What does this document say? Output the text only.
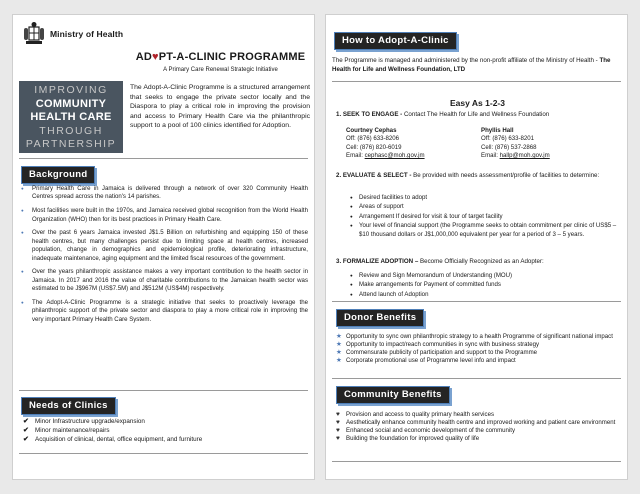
Ministry of Health
AD♥PT-A-CLINIC PROGRAMME
A Primary Care Renewal Strategic Initiative
IMPROVING
COMMUNITY
HEALTH CARE
THROUGH
PARTNERSHIP

The Adopt-A-Clinic Programme is a structured arrangement that seeks to engage the private sector locally and the Diaspora to play a critical role in improving the provision and access to Primary Health Care via the philanthropic support to a pool of 100 clinics identified for Adoption.

Background
● Primary Health Care in Jamaica is delivered through a network of over 320 Community Health Centres spread across the nation's 14 parishes.
● Most facilities were built in the 1970s, and Jamaica received global recognition from the World Health Organization (WHO) then for its best practices in Primary Health Care.
● Over the past 6 years Jamaica invested J$1.5 Billion on refurbishing and equipping 150 of these health centres, but many challenges persist due to limiting space at health centres, increased population, change in demographics and epidemiological profile, deteriorating infrastructure, inadequate maintenance, aging equipment and the limited fiscal resources of the government.
● Over the years philanthropic assistance makes a very important contribution to the health sector in Jamaica. In 2017 and 2016 the value of charitable contributions to the Jamaican health sector was estimated to be J$967M (US$7.5M) and J$512M (US$4M) respectively.
● The Adopt-A-Clinic Programme is a strategic initiative that seeks to proactively leverage the philanthropic support of the private sector and diaspora to play a more critical role in improving the very important Primary Health Care System.
Needs of Clinics
✔ Minor Infrastructure upgrade/expansion
✔ Minor maintenance/repairs
✔ Acquisition of clinical, dental, office equipment, and furniture
How to Adopt-A-Clinic

The Programme is managed and administered by the non-profit affiliate of the Ministry of Health - The Health for Life and Wellness Foundation, LTD

Easy As 1-2-3
1. SEEK TO ENGAGE - Contact The Health for Life and Wellness Foundation
Courtney Cephas
Off: (876) 633-8206
Cell: (876) 820-6019
Email: cephasc@moh.gov.jm
Phyllis Hall
Off: (876) 633-8201
Cell: (876) 537-2868
Email: hallp@moh.gov.jm
2. EVALUATE & SELECT - Be provided with needs assessment/profile of facilities to determine:
● Desired facilities to adopt
● Areas of support
● Arrangement If desired for visit & tour of target facility
● Your level of financial support (the Programme seeks to obtain commitment per clinic of US$5 – $10 thousand dollars or J$1,000,000 equivalent per year for a period of 3 – 5 years.
3. FORMALIZE ADOPTION – Become Officially Recognized as an Adopter:
● Review and Sign Memorandum of Understanding (MOU)
● Make arrangements for Payment of committed funds
● Attend launch of Adoption
Donor Benefits
★ Opportunity to sync own philanthropic strategy to a health Programme of significant national impact
★ Opportunity to impact/reach communities in sync with business strategy
★ Commensurate publicity of participation and support to the Programme
★ Corporate promotional use of Programme level info and impact
Community Benefits
♥	Provision and access to quality primary health services
♥	Aesthetically enhance community health centre and improved working and patient care environment
♥	Enhanced social and economic development of the community
♥	Building the foundation for improved quality of life
